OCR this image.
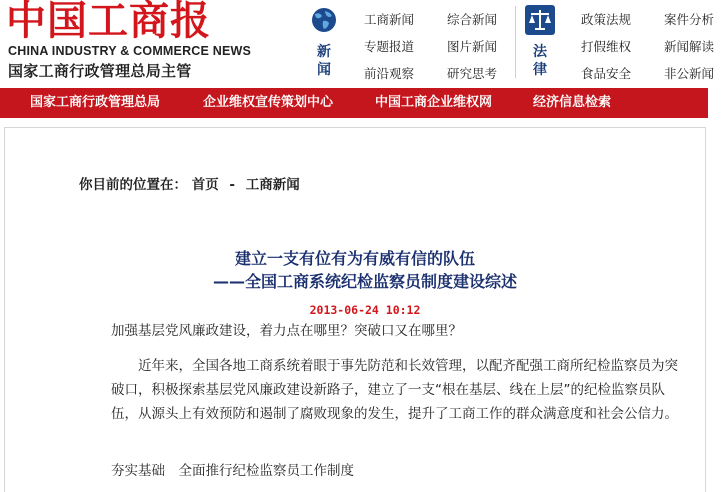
中国工商报
CHINA INDUSTRY & COMMERCE NEWS
国家工商行政管理总局主管
新
闻
工商新闻
专题报道
前沿观察
综合新闻
图片新闻
研究思考
法
律
政策法规
打假维权
食品安全
案件分析
新闻解读
非公新闻
国家工商行政管理总局	企业维权宣传策划中心	中国工商企业维权网	经济信息检索
你目前的位置在： 首页 - 工商新闻
建立一支有位有为有威有信的队伍
——全国工商系统纪检监察员制度建设综述
2013-06-24 10:12
加强基层党风廉政建设，着力点在哪里？突破口又在哪里？
近年来，全国各地工商系统着眼于事先防范和长效管理，以配齐配强工商所纪检监察员为突破口，积极探索基层党风廉政建设新路子，建立了一支“根在基层、线在上层”的纪检监察员队伍，从源头上有效预防和遏制了腐败现象的发生，提升了工商工作的群众满意度和社会公信力。
夯实基础　全面推行纪检监察员工作制度
